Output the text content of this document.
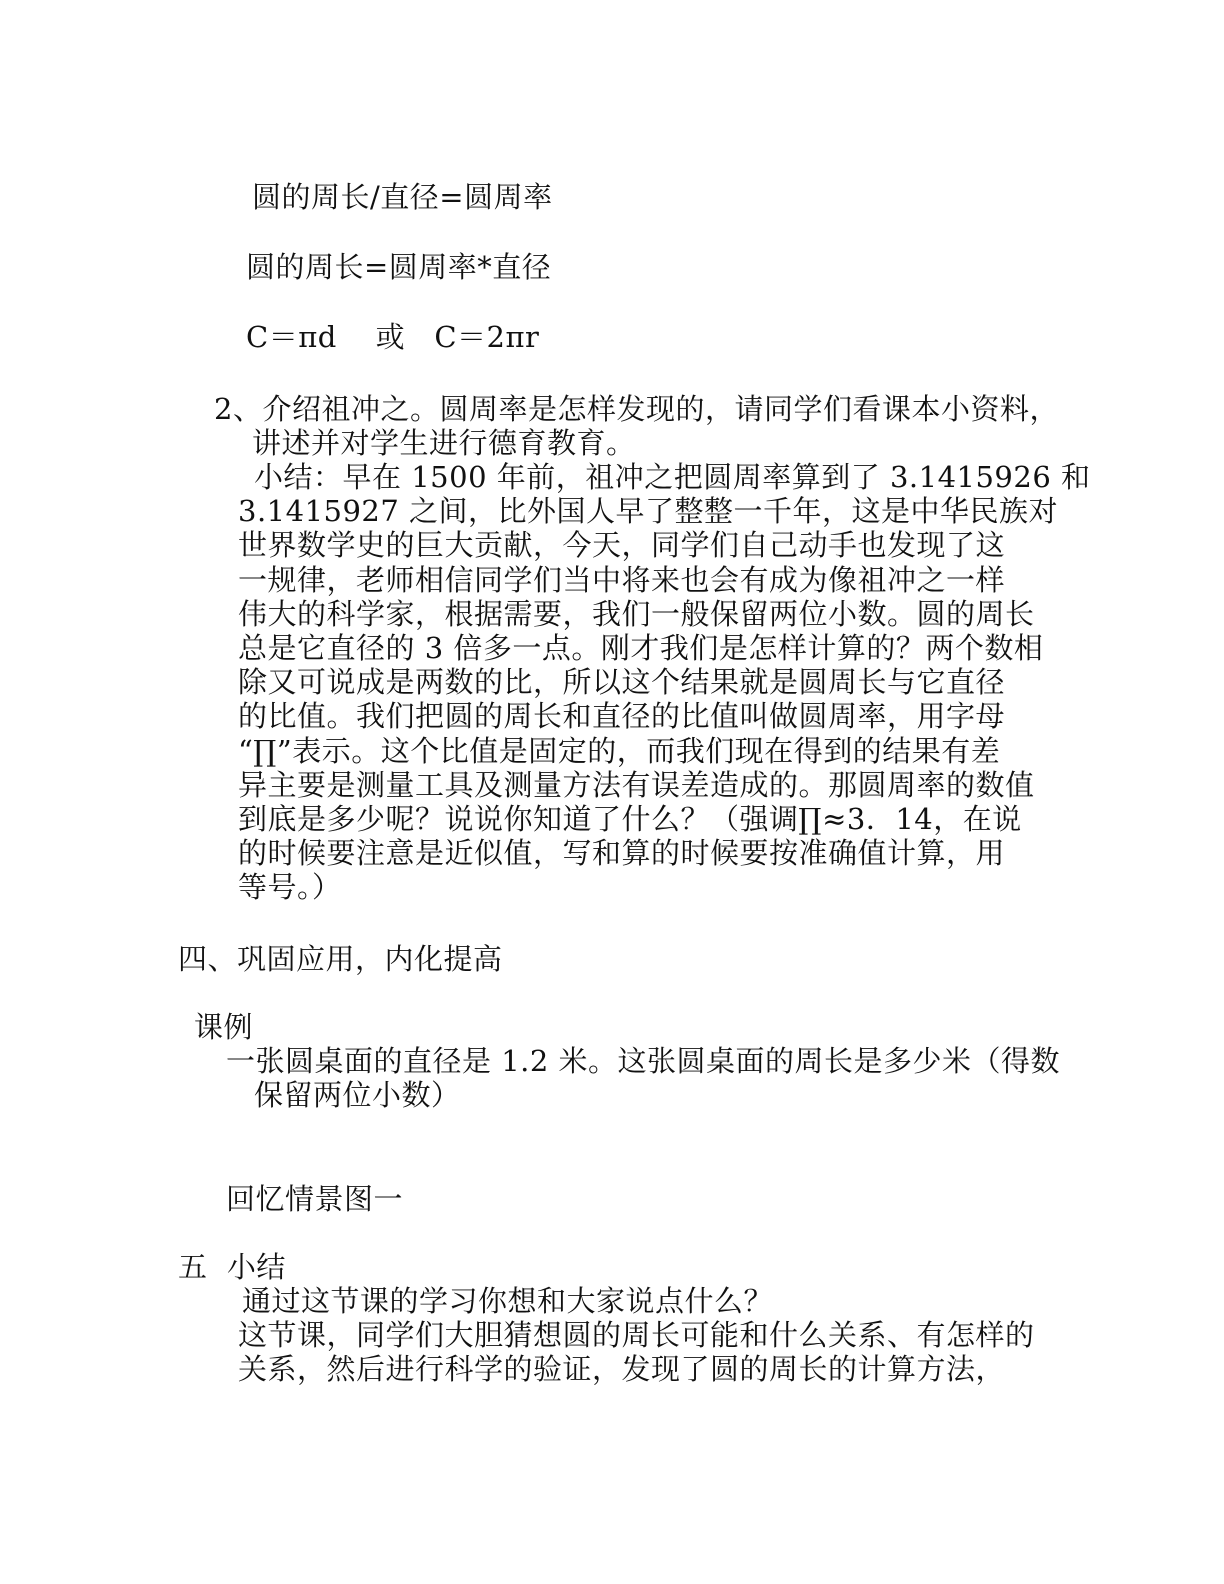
圆的周长/直径=圆周率
圆的周长=圆周率*直径
C＝πd    或   C＝2πr
2、介绍祖冲之。圆周率是怎样发现的，请同学们看课本小资料，
讲述并对学生进行德育教育。
小结：早在 1500 年前，祖冲之把圆周率算到了 3.1415926 和
3.1415927 之间，比外国人早了整整一千年，这是中华民族对
世界数学史的巨大贡献，今天，同学们自己动手也发现了这
一规律，老师相信同学们当中将来也会有成为像祖冲之一样
伟大的科学家，根据需要，我们一般保留两位小数。圆的周长
总是它直径的 3 倍多一点。刚才我们是怎样计算的？两个数相
除又可说成是两数的比，所以这个结果就是圆周长与它直径
的比值。我们把圆的周长和直径的比值叫做圆周率，用字母
“∏”表示。这个比值是固定的，而我们现在得到的结果有差
异主要是测量工具及测量方法有误差造成的。那圆周率的数值
到底是多少呢？说说你知道了什么？（强调∏≈3．14，在说
的时候要注意是近似值，写和算的时候要按准确值计算，用
等号。）
四、巩固应用，内化提高
课例
一张圆桌面的直径是 1.2 米。这张圆桌面的周长是多少米（得数
保留两位小数）
回忆情景图一
五  小结
通过这节课的学习你想和大家说点什么？
这节课，同学们大胆猜想圆的周长可能和什么关系、有怎样的
关系，然后进行科学的验证，发现了圆的周长的计算方法，
